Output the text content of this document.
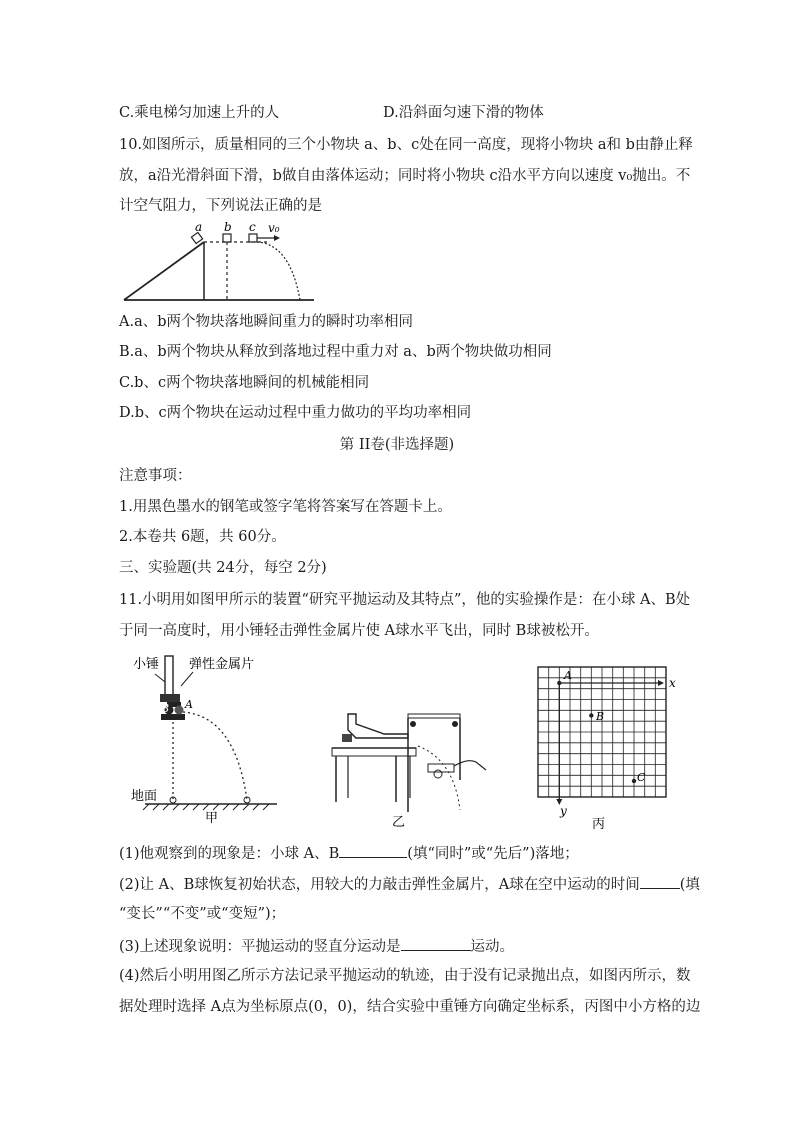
C.乘电梯匀加速上升的人	D.沿斜面匀速下滑的物体
10.如图所示，质量相同的三个小物块 a、b、c处在同一高度，现将小物块 a和 b由静止释
放，a沿光滑斜面下滑，b做自由落体运动；同时将小物块 c沿水平方向以速度 v₀抛出。不
计空气阻力，下列说法正确的是
a b c v₀
A.a、b两个物块落地瞬间重力的瞬时功率相同
B.a、b两个物块从释放到落地过程中重力对 a、b两个物块做功相同
C.b、c两个物块落地瞬间的机械能相同
D.b、c两个物块在运动过程中重力做功的平均功率相同
第 II卷(非选择题)
注意事项：
1.用黑色墨水的钢笔或签字笔将答案写在答题卡上。
2.本卷共 6题，共 60分。
三、实验题(共 24分，每空 2分)
11.小明用如图甲所示的装置“研究平抛运动及其特点”，他的实验操作是：在小球 A、B处
于同一高度时，用小锤轻击弹性金属片使 A球水平飞出，同时 B球被松开。
小锤 弹性金属片
B A
地面
甲	乙
x
y
A
B
C
丙
(1)他观察到的现象是：小球 A、B	(填“同时”或“先后”)落地；
(2)让 A、B球恢复初始状态，用较大的力敲击弹性金属片，A球在空中运动的时间	(填
“变长”“不变”或“变短”)；
(3)上述现象说明：平抛运动的竖直分运动是	运动。
(4)然后小明用图乙所示方法记录平抛运动的轨迹，由于没有记录抛出点，如图丙所示，数
据处理时选择 A点为坐标原点(0，0)，结合实验中重锤方向确定坐标系，丙图中小方格的边
